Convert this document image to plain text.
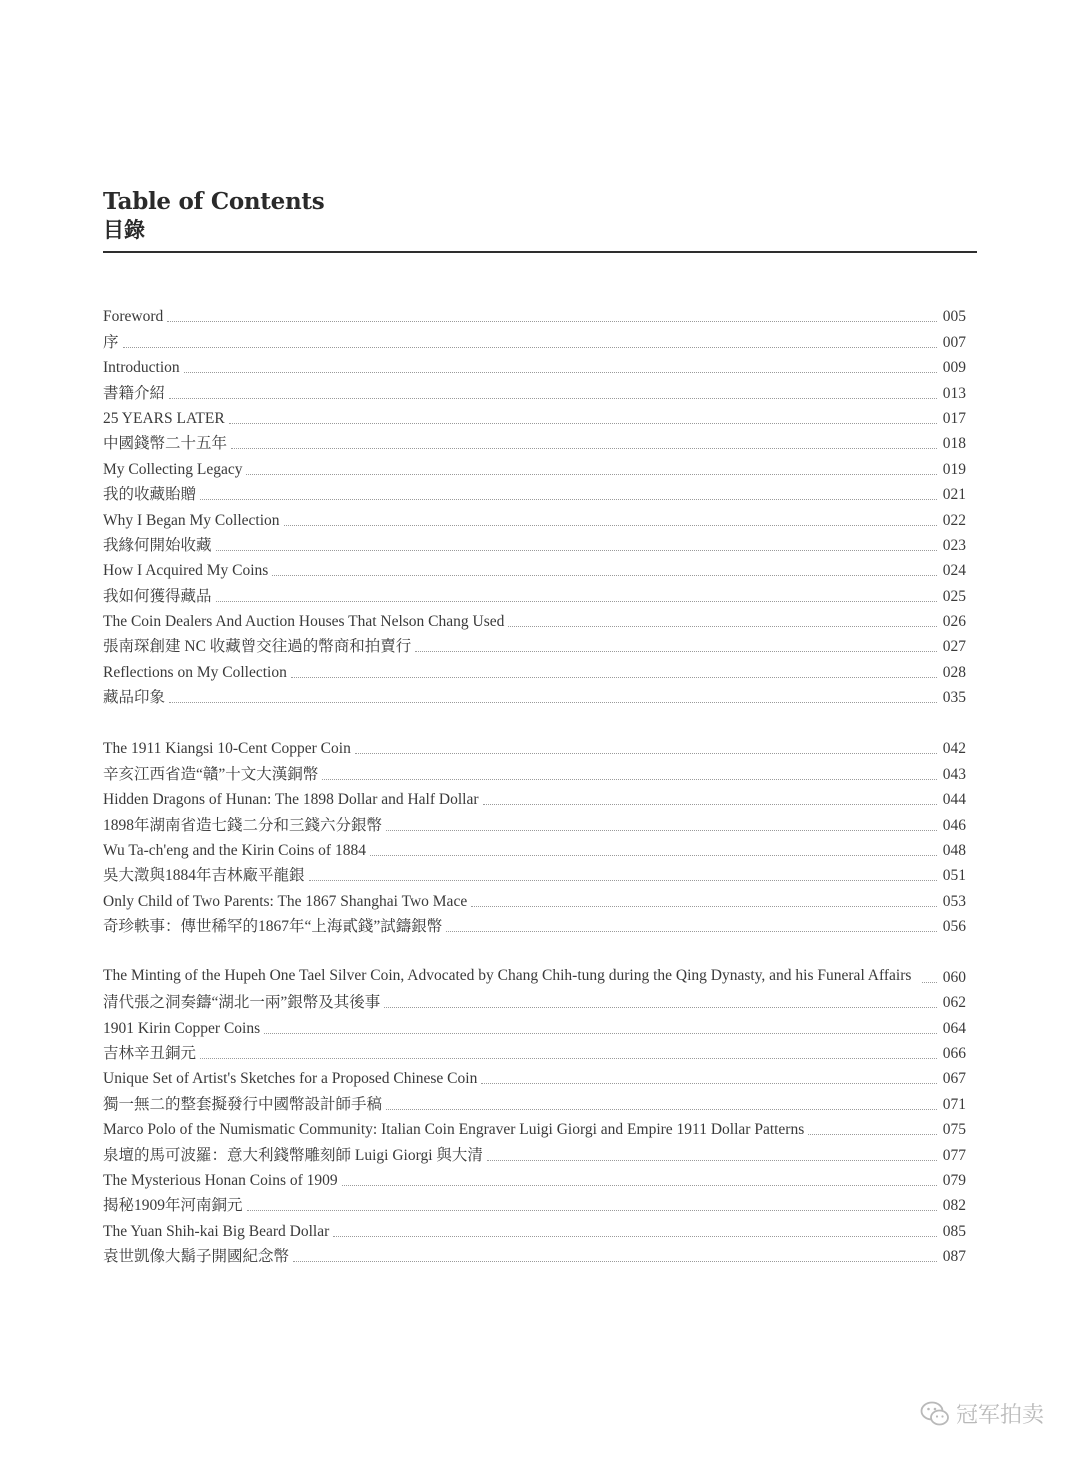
Table of Contents
目錄
Foreword	005
序	007
Introduction	009
書籍介紹	013
25 YEARS LATER	017
中國錢幣二十五年	018
My Collecting Legacy	019
我的收藏貽贈	021
Why I Began My Collection	022
我緣何開始收藏	023
How I Acquired My Coins	024
我如何獲得藏品	025
The Coin Dealers And Auction Houses That Nelson Chang Used	026
張南琛創建 NC 收藏曾交往過的幣商和拍賣行	027
Reflections on My Collection	028
藏品印象	035
The 1911 Kiangsi 10-Cent Copper Coin	042
辛亥江西省造“贛”十文大漢銅幣	043
Hidden Dragons of Hunan: The 1898 Dollar and Half Dollar	044
1898年湖南省造七錢二分和三錢六分銀幣	046
Wu Ta-ch'eng and the Kirin Coins of 1884	048
吳大澂與1884年吉林廠平龍銀	051
Only Child of Two Parents: The 1867 Shanghai Two Mace	053
奇珍軼事：傳世稀罕的1867年“上海貳錢”試鑄銀幣	056
The Minting of the Hupeh One Tael Silver Coin, Advocated by Chang Chih-tung during the Qing Dynasty, and his Funeral Affairs	060
清代張之洞奏鑄“湖北一兩”銀幣及其後事	062
1901 Kirin Copper Coins	064
吉林辛丑銅元	066
Unique Set of Artist's Sketches for a Proposed Chinese Coin	067
獨一無二的整套擬發行中國幣設計師手稿	071
Marco Polo of the Numismatic Community: Italian Coin Engraver Luigi Giorgi and Empire 1911 Dollar Patterns	075
泉壇的馬可波羅：意大利錢幣雕刻師 Luigi Giorgi 與大清	077
The Mysterious Honan Coins of 1909	079
揭秘1909年河南銅元	082
The Yuan Shih-kai Big Beard Dollar	085
袁世凱像大鬍子開國紀念幣	087
冠军拍卖
